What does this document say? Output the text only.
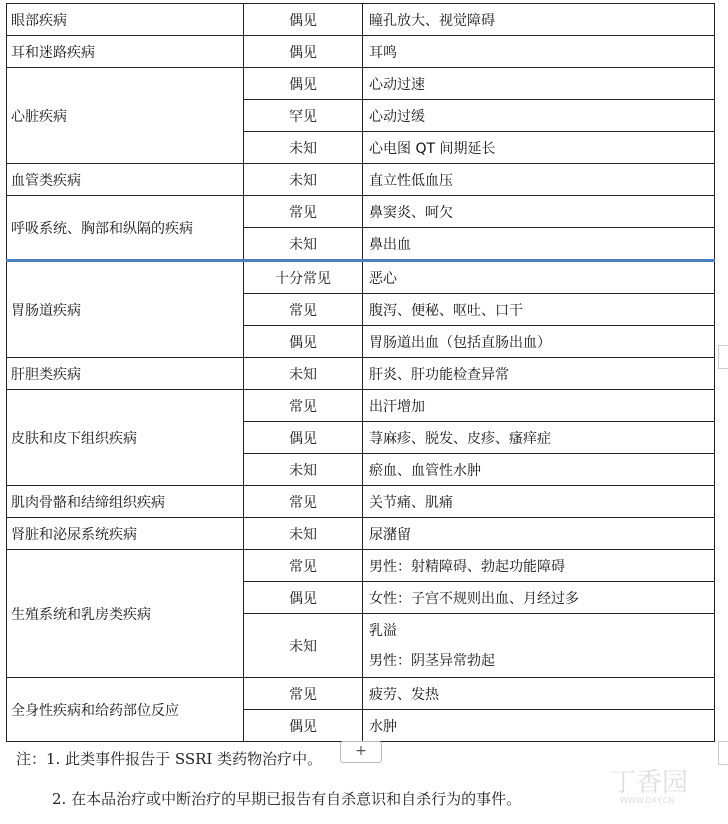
眼部疾病	偶见	瞳孔放大、视觉障碍
耳和迷路疾病	偶见	耳鸣
心脏疾病	偶见	心动过速
	罕见	心动过缓
	未知	心电图 QT 间期延长
血管类疾病	未知	直立性低血压
呼吸系统、胸部和纵隔的疾病	常见	鼻窦炎、呵欠
	未知	鼻出血
胃肠道疾病	十分常见	恶心
	常见	腹泻、便秘、呕吐、口干
	偶见	胃肠道出血（包括直肠出血）
肝胆类疾病	未知	肝炎、肝功能检查异常
皮肤和皮下组织疾病	常见	出汗增加
	偶见	荨麻疹、脱发、皮疹、瘙痒症
	未知	瘀血、血管性水肿
肌肉骨骼和结缔组织疾病	常见	关节痛、肌痛
肾脏和泌尿系统疾病	未知	尿潴留
生殖系统和乳房类疾病	常见	男性：射精障碍、勃起功能障碍
	偶见	女性：子宫不规则出血、月经过多
	未知	乳溢
男性：阴茎异常勃起

全身性疾病和给药部位反应	常见	疲劳、发热
	偶见	水肿
注：1. 此类事件报告于 SSRI 类药物治疗中。
2. 在本品治疗或中断治疗的早期已报告有自杀意识和自杀行为的事件。
+
丁香园
WWW.DXY.CN
